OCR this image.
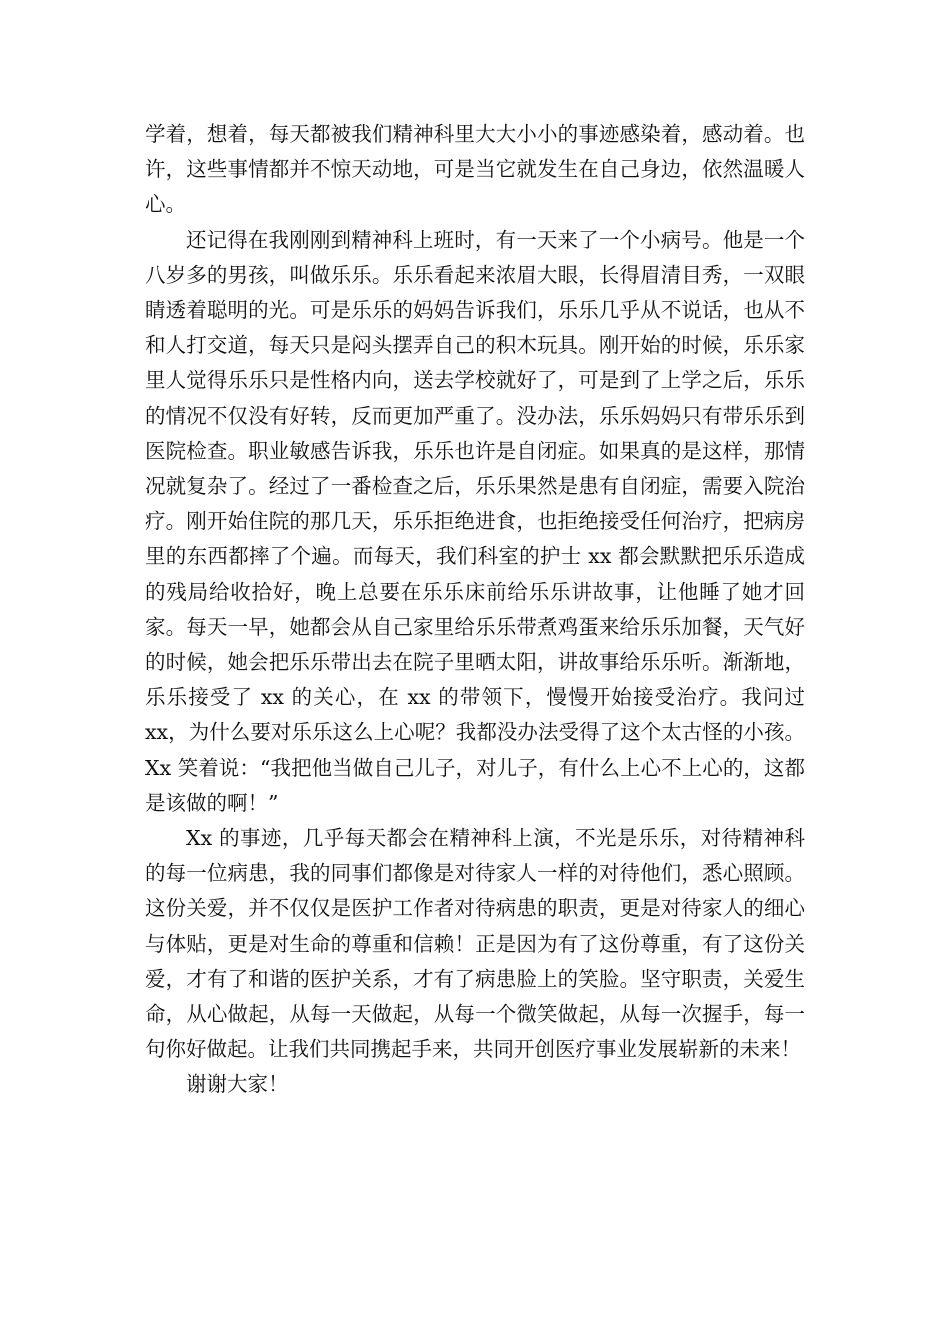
学着，想着，每天都被我们精神科里大大小小的事迹感染着，感动着。也许，这些事情都并不惊天动地，可是当它就发生在自己身边，依然温暖人心。

还记得在我刚刚到精神科上班时，有一天来了一个小病号。他是一个八岁多的男孩，叫做乐乐。乐乐看起来浓眉大眼，长得眉清目秀，一双眼睛透着聪明的光。可是乐乐的妈妈告诉我们，乐乐几乎从不说话，也从不和人打交道，每天只是闷头摆弄自己的积木玩具。刚开始的时候，乐乐家里人觉得乐乐只是性格内向，送去学校就好了，可是到了上学之后，乐乐的情况不仅没有好转，反而更加严重了。没办法，乐乐妈妈只有带乐乐到医院检查。职业敏感告诉我，乐乐也许是自闭症。如果真的是这样，那情况就复杂了。经过了一番检查之后，乐乐果然是患有自闭症，需要入院治疗。刚开始住院的那几天，乐乐拒绝进食，也拒绝接受任何治疗，把病房里的东西都摔了个遍。而每天，我们科室的护士 xx 都会默默把乐乐造成的残局给收拾好，晚上总要在乐乐床前给乐乐讲故事，让他睡了她才回家。每天一早，她都会从自己家里给乐乐带煮鸡蛋来给乐乐加餐，天气好的时候，她会把乐乐带出去在院子里晒太阳，讲故事给乐乐听。渐渐地，乐乐接受了 xx 的关心，在 xx 的带领下，慢慢开始接受治疗。我问过 xx，为什么要对乐乐这么上心呢？我都没办法受得了这个太古怪的小孩。Xx 笑着说：“我把他当做自己儿子，对儿子，有什么上心不上心的，这都是该做的啊！”

Xx 的事迹，几乎每天都会在精神科上演，不光是乐乐，对待精神科的每一位病患，我的同事们都像是对待家人一样的对待他们，悉心照顾。这份关爱，并不仅仅是医护工作者对待病患的职责，更是对待家人的细心与体贴，更是对生命的尊重和信赖！正是因为有了这份尊重，有了这份关爱，才有了和谐的医护关系，才有了病患脸上的笑脸。坚守职责，关爱生命，从心做起，从每一天做起，从每一个微笑做起，从每一次握手，每一句你好做起。让我们共同携起手来，共同开创医疗事业发展崭新的未来！

谢谢大家！
